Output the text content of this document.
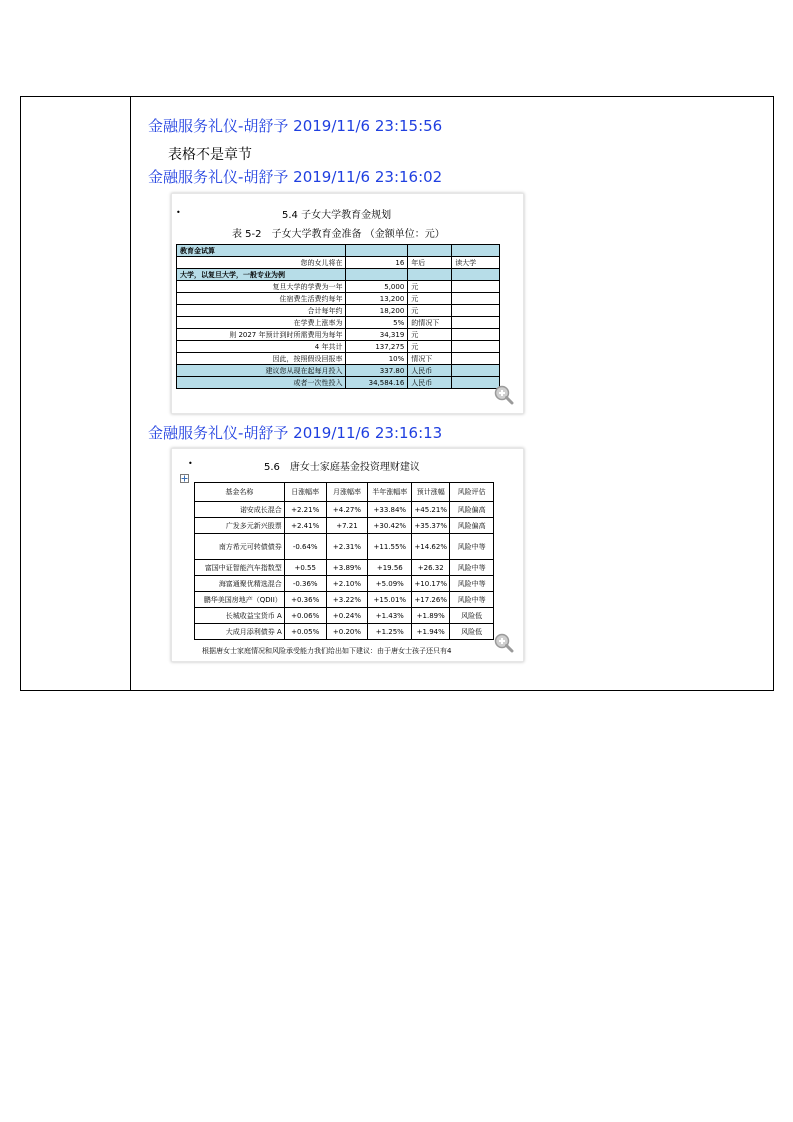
金融服务礼仪-胡舒予 2019/11/6 23:15:56
表格不是章节
金融服务礼仪-胡舒予 2019/11/6 23:16:02
金融服务礼仪-胡舒予 2019/11/6 23:16:13
•	5.4 子女大学教育金规划
表 5-2　子女大学教育金准备 （金额单位：元）
教育金试算			
您的女儿将在	16	年后	读大学
大学，以复旦大学，一般专业为例			
复旦大学的学费为一年	5,000	元	
住宿费生活费约每年	13,200	元	
合计每年约	18,200	元	
在学费上涨率为	5%	的情况下	
则 2027 年预计到时所需费用为每年	34,319	元	
4 年共计	137,275	元	
因此，按照假设回报率	10%	情况下	
建议您从现在起每月投入	337.80	人民币	
或者一次性投入	34,584.16	人民币	
•	5.6　唐女士家庭基金投资理财建议
基金名称	日涨幅率	月涨幅率	半年涨幅率	预计涨幅	风险评估
诺安成长混合	+2.21%	+4.27%	+33.84%	+45.21%	风险偏高
广发多元新兴股票	+2.41%	+7.21	+30.42%	+35.37%	风险偏高
南方希元可转债债券	-0.64%	+2.31%	+11.55%	+14.62%	风险中等
富国中证智能汽车指数型	+0.55	+3.89%	+19.56	+26.32	风险中等
海富通聚优精选混合	-0.36%	+2.10%	+5.09%	+10.17%	风险中等
鹏华美国房地产（QDII）	+0.36%	+3.22%	+15.01%	+17.26%	风险中等
长城收益宝货币 A	+0.06%	+0.24%	+1.43%	+1.89%	风险低
大成月添利债券 A	+0.05%	+0.20%	+1.25%	+1.94%	风险低
根据唐女士家庭情况和风险承受能力我们给出如下建议：由于唐女士孩子还只有4
